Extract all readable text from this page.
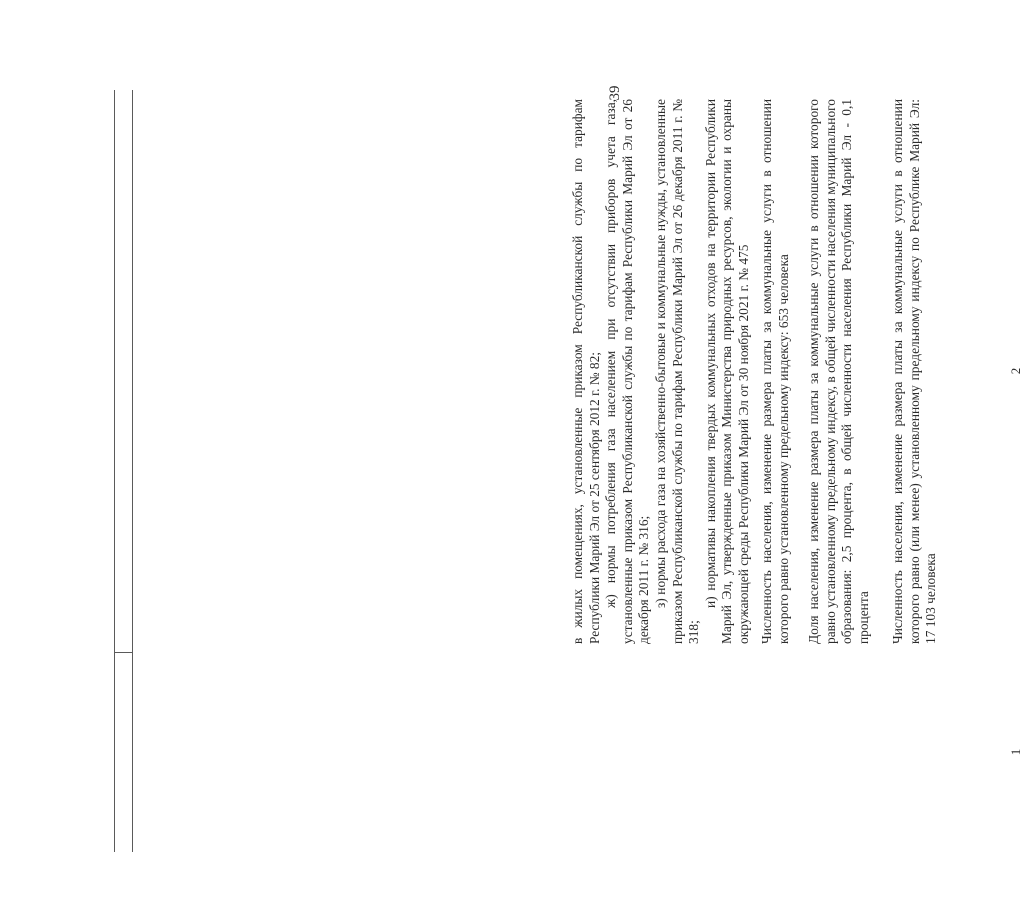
39
1
2

в жилых помещениях, установленные приказом Республиканской службы по тарифам Республики Марий Эл от 25 сентября 2012 г. № 82; ж) нормы потребления газа населением при отсутствии приборов учета газа, установленные приказом Республиканской службы по тарифам Республики Марий Эл от 26 декабря 2011 г. № 316; з) нормы расхода газа на хозяйственно-бытовые и коммунальные нужды, установленные приказом Республиканской службы по тарифам Республики Марий Эл от 26 декабря 2011 г. № 318;

и) нормативы накопления твердых коммунальных отходов на территории Республики Марий Эл, утвержденные приказом Министерства природных ресурсов, экологии и охраны окружающей среды Республики Марий Эл от 30 ноября 2021 г. № 475 Численность населения, изменение размера платы за коммунальные услуги в отношении которого равно установленному предельному индексу: 653 человека Доля населения, изменение размера платы за коммунальные услуги в отношении которого равно установленному предельному индексу, в общей численности населения муниципального образования: 2,5 процента, в общей численности населения Республики Марий Эл - 0,1 процента Численность населения, изменение размера платы за коммунальные услуги в отношении которого равно (или менее) установленному предельному индексу по Республике Марий Эл: 17 103 человека
